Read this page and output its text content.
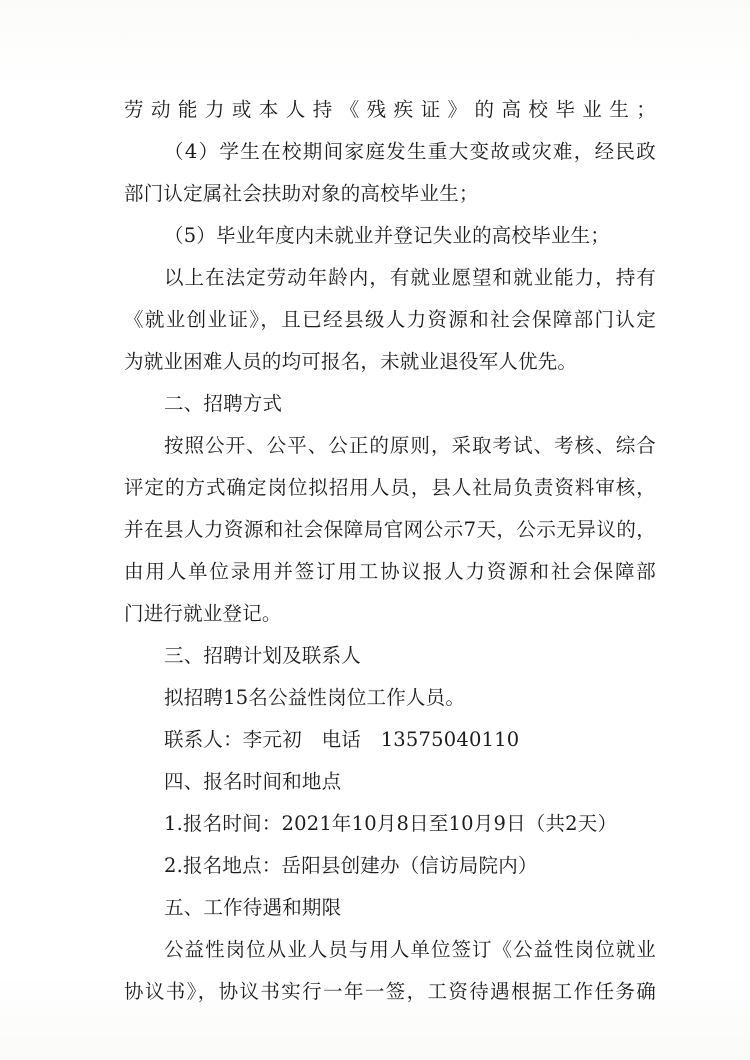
劳动能力或本人持《残疾证》的高校毕业生；
（4）学生在校期间家庭发生重大变故或灾难，经民政
部门认定属社会扶助对象的高校毕业生；
（5）毕业年度内未就业并登记失业的高校毕业生；
以上在法定劳动年龄内，有就业愿望和就业能力，持有
《就业创业证》，且已经县级人力资源和社会保障部门认定
为就业困难人员的均可报名，未就业退役军人优先。
二、招聘方式
按照公开、公平、公正的原则，采取考试、考核、综合
评定的方式确定岗位拟招用人员，县人社局负责资料审核，
并在县人力资源和社会保障局官网公示7天，公示无异议的，
由用人单位录用并签订用工协议报人力资源和社会保障部
门进行就业登记。
三、招聘计划及联系人
拟招聘15名公益性岗位工作人员。
联系人：李元初　电话　13575040110
四、报名时间和地点
1.报名时间：2021年10月8日至10月9日（共2天）
2.报名地点：岳阳县创建办（信访局院内）
五、工作待遇和期限
公益性岗位从业人员与用人单位签订《公益性岗位就业
协议书》，协议书实行一年一签，工资待遇根据工作任务确
